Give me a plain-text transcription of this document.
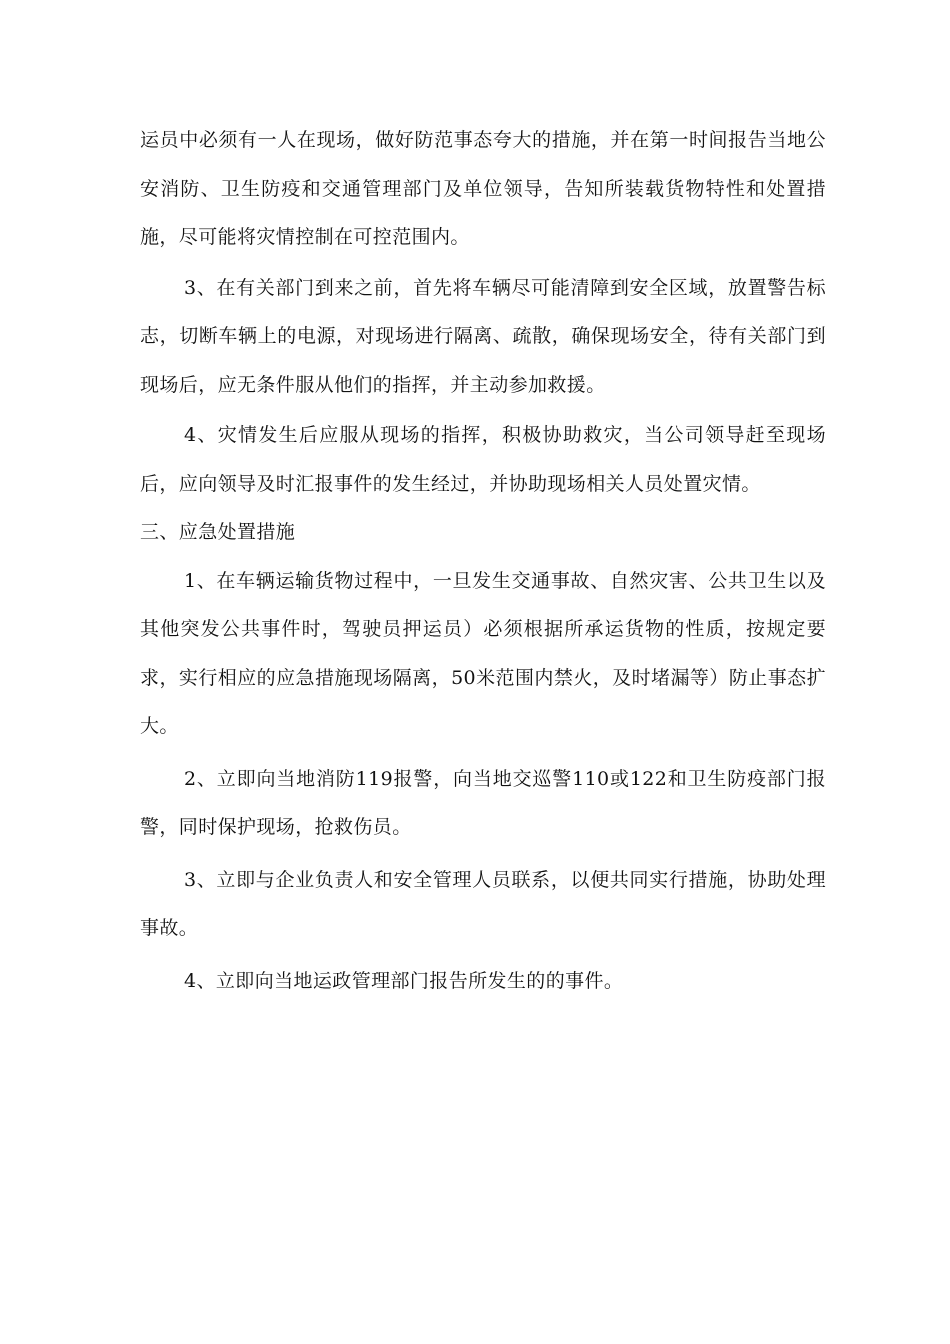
运员中必须有一人在现场，做好防范事态夸大的措施，并在第一时间报告当地公安消防、卫生防疫和交通管理部门及单位领导，告知所装载货物特性和处置措施，尽可能将灾情控制在可控范围内。

3、在有关部门到来之前，首先将车辆尽可能清障到安全区域，放置警告标志，切断车辆上的电源，对现场进行隔离、疏散，确保现场安全，待有关部门到现场后，应无条件服从他们的指挥，并主动参加救援。

4、灾情发生后应服从现场的指挥，积极协助救灾，当公司领导赶至现场后，应向领导及时汇报事件的发生经过，并协助现场相关人员处置灾情。

三、应急处置措施

1、在车辆运输货物过程中，一旦发生交通事故、自然灾害、公共卫生以及其他突发公共事件时，驾驶员押运员）必须根据所承运货物的性质，按规定要求，实行相应的应急措施现场隔离，50米范围内禁火，及时堵漏等）防止事态扩大。

2、立即向当地消防119报警，向当地交巡警110或122和卫生防疫部门报警，同时保护现场，抢救伤员。

3、立即与企业负责人和安全管理人员联系，以便共同实行措施，协助处理事故。

4、立即向当地运政管理部门报告所发生的的事件。
